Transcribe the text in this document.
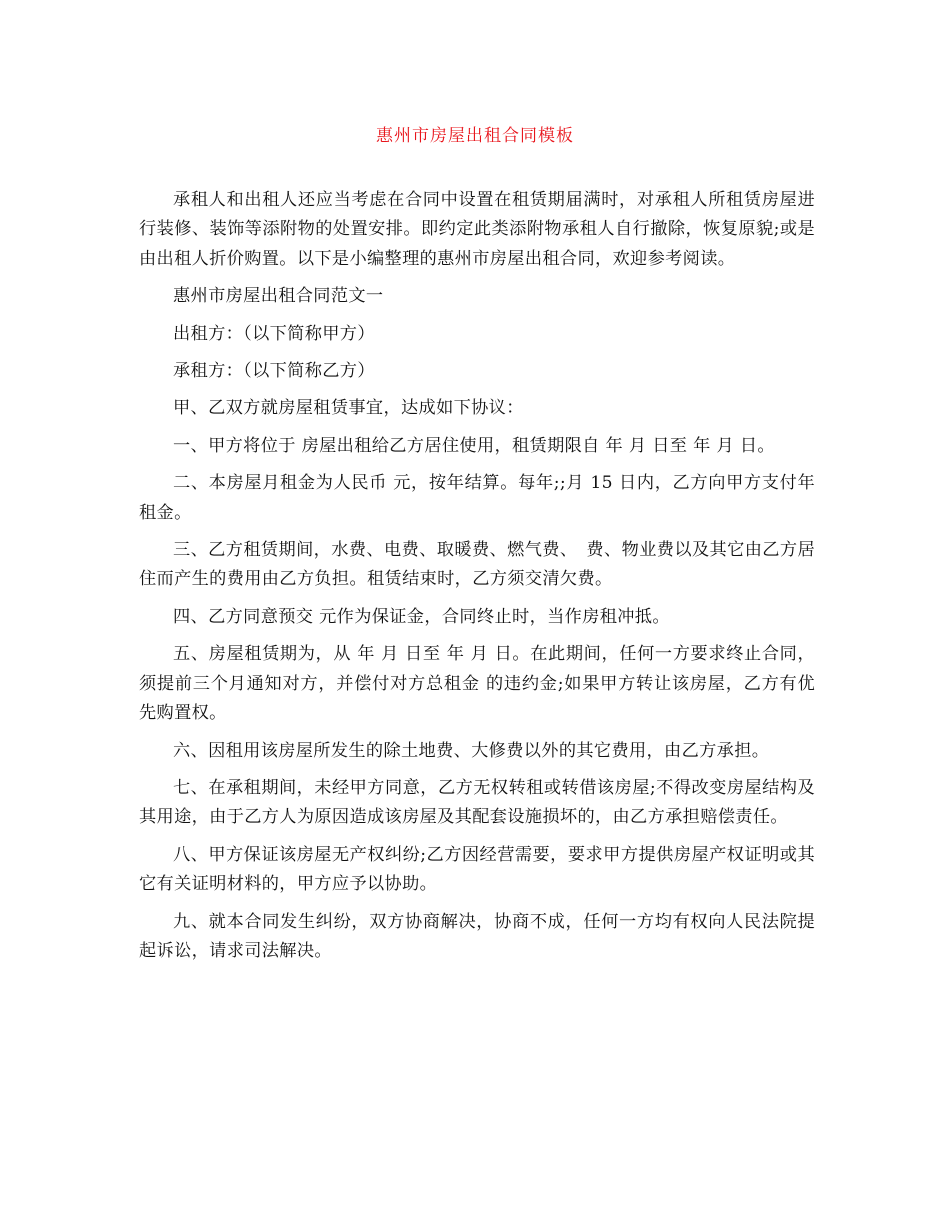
惠州市房屋出租合同模板

承租人和出租人还应当考虑在合同中设置在租赁期届满时，对承租人所租赁房屋进行装修、装饰等添附物的处置安排。即约定此类添附物承租人自行撤除，恢复原貌;或是由出租人折价购置。以下是小编整理的惠州市房屋出租合同，欢迎参考阅读。

惠州市房屋出租合同范文一

出租方：（以下简称甲方）

承租方：（以下简称乙方）

甲、乙双方就房屋租赁事宜，达成如下协议：

一、甲方将位于 房屋出租给乙方居住使用，租赁期限自 年 月 日至 年 月 日。

二、本房屋月租金为人民币 元，按年结算。每年;;月 15 日内，乙方向甲方支付年租金。

三、乙方租赁期间，水费、电费、取暖费、燃气费、　费、物业费以及其它由乙方居住而产生的费用由乙方负担。租赁结束时，乙方须交清欠费。

四、乙方同意预交 元作为保证金，合同终止时，当作房租冲抵。

五、房屋租赁期为，从 年 月 日至 年 月 日。在此期间，任何一方要求终止合同，须提前三个月通知对方，并偿付对方总租金 的违约金;如果甲方转让该房屋，乙方有优先购置权。

六、因租用该房屋所发生的除土地费、大修费以外的其它费用，由乙方承担。

七、在承租期间，未经甲方同意，乙方无权转租或转借该房屋;不得改变房屋结构及其用途，由于乙方人为原因造成该房屋及其配套设施损坏的，由乙方承担赔偿责任。

八、甲方保证该房屋无产权纠纷;乙方因经营需要，要求甲方提供房屋产权证明或其它有关证明材料的，甲方应予以协助。

九、就本合同发生纠纷，双方协商解决，协商不成，任何一方均有权向人民法院提起诉讼，请求司法解决。
